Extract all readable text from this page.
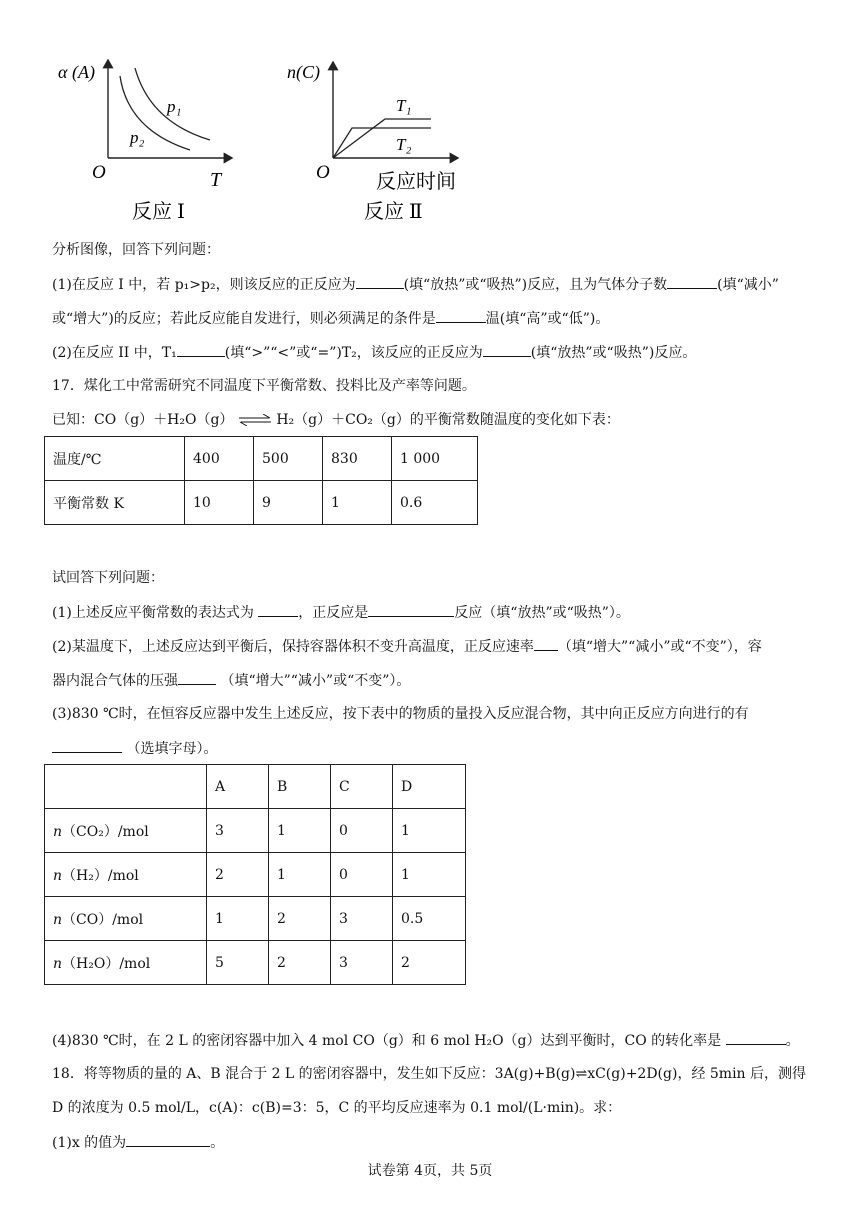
α (A)
T
O
p₁
p₂
反应 Ⅰ
n(C)
反应时间
O
T₁
T₂
反应 Ⅱ
分析图像，回答下列问题：
(1)在反应 I 中，若 p₁>p₂，则该反应的正反应为	(填“放热”或“吸热”)反应，且为气体分子数	(填“减小”
或“增大”)的反应；若此反应能自发进行，则必须满足的条件是	温(填“高”或“低”)。
(2)在反应 II 中，T₁	(填“>”“<”或“=”)T₂，该反应的正反应为	(填“放热”或“吸热”)反应。
17．煤化工中常需研究不同温度下平衡常数、投料比及产率等问题。
已知：CO（g）＋H₂O（g） ⇌ H₂（g）＋CO₂（g）的平衡常数随温度的变化如下表：
温度/℃	400	500	830	1 000
平衡常数 K	10	9	1	0.6
试回答下列问题：
(1)上述反应平衡常数的表达式为	，正反应是	反应（填“放热”或“吸热”）。
(2)某温度下，上述反应达到平衡后，保持容器体积不变升高温度，正反应速率 （填“增大”“减小”或“不变”），容
器内混合气体的压强	（填“增大”“减小”或“不变”）。
(3)830 ℃时，在恒容反应器中发生上述反应，按下表中的物质的量投入反应混合物，其中向正反应方向进行的有
（选填字母）。
	A	B	C	D
n（CO₂）/mol	3	1	0	1
n（H₂）/mol	2	1	0	1
n（CO）/mol	1	2	3	0.5
n（H₂O）/mol	5	2	3	2
(4)830 ℃时，在 2 L 的密闭容器中加入 4 mol CO（g）和 6 mol H₂O（g）达到平衡时，CO 的转化率是	。
18．将等物质的量的 A、B 混合于 2 L 的密闭容器中，发生如下反应：3A(g)+B(g)⇌xC(g)+2D(g)，经 5min 后，测得
D 的浓度为 0.5 mol/L，c(A)：c(B)=3：5，C 的平均反应速率为 0.1 mol/(L·min)。求：
(1)x 的值为	。
试卷第 4页，共 5页
